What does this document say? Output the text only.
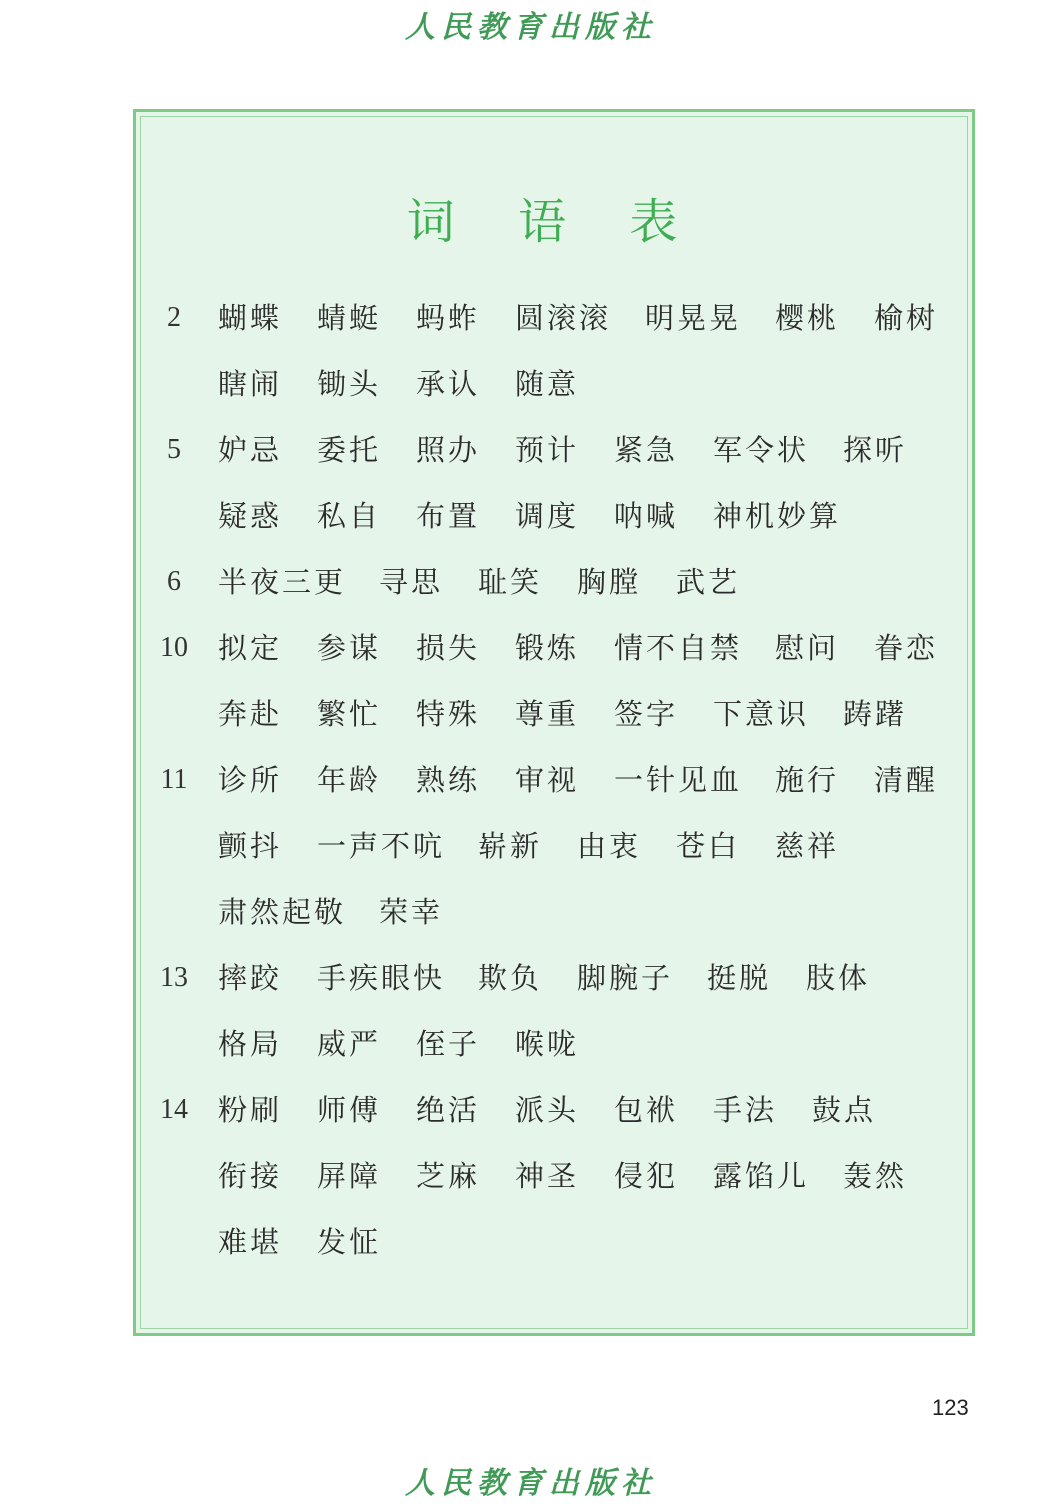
人民教育出版社
词 语 表
2	蝴蝶 蜻蜓 蚂蚱 圆滚滚 明晃晃 樱桃 榆树
瞎闹 锄头 承认 随意
5	妒忌 委托 照办 预计 紧急 军令状 探听
疑惑 私自 布置 调度 呐喊 神机妙算
6	半夜三更 寻思 耻笑 胸膛 武艺
10	拟定 参谋 损失 锻炼 情不自禁 慰问 眷恋
奔赴 繁忙 特殊 尊重 签字 下意识 踌躇
11	诊所 年龄 熟练 审视 一针见血 施行 清醒
颤抖 一声不吭 崭新 由衷 苍白 慈祥
肃然起敬 荣幸
13	摔跤 手疾眼快 欺负 脚腕子 挺脱 肢体
格局 威严 侄子 喉咙
14	粉刷 师傅 绝活 派头 包袱 手法 鼓点
衔接 屏障 芝麻 神圣 侵犯 露馅儿 轰然
难堪 发怔
123
人民教育出版社
